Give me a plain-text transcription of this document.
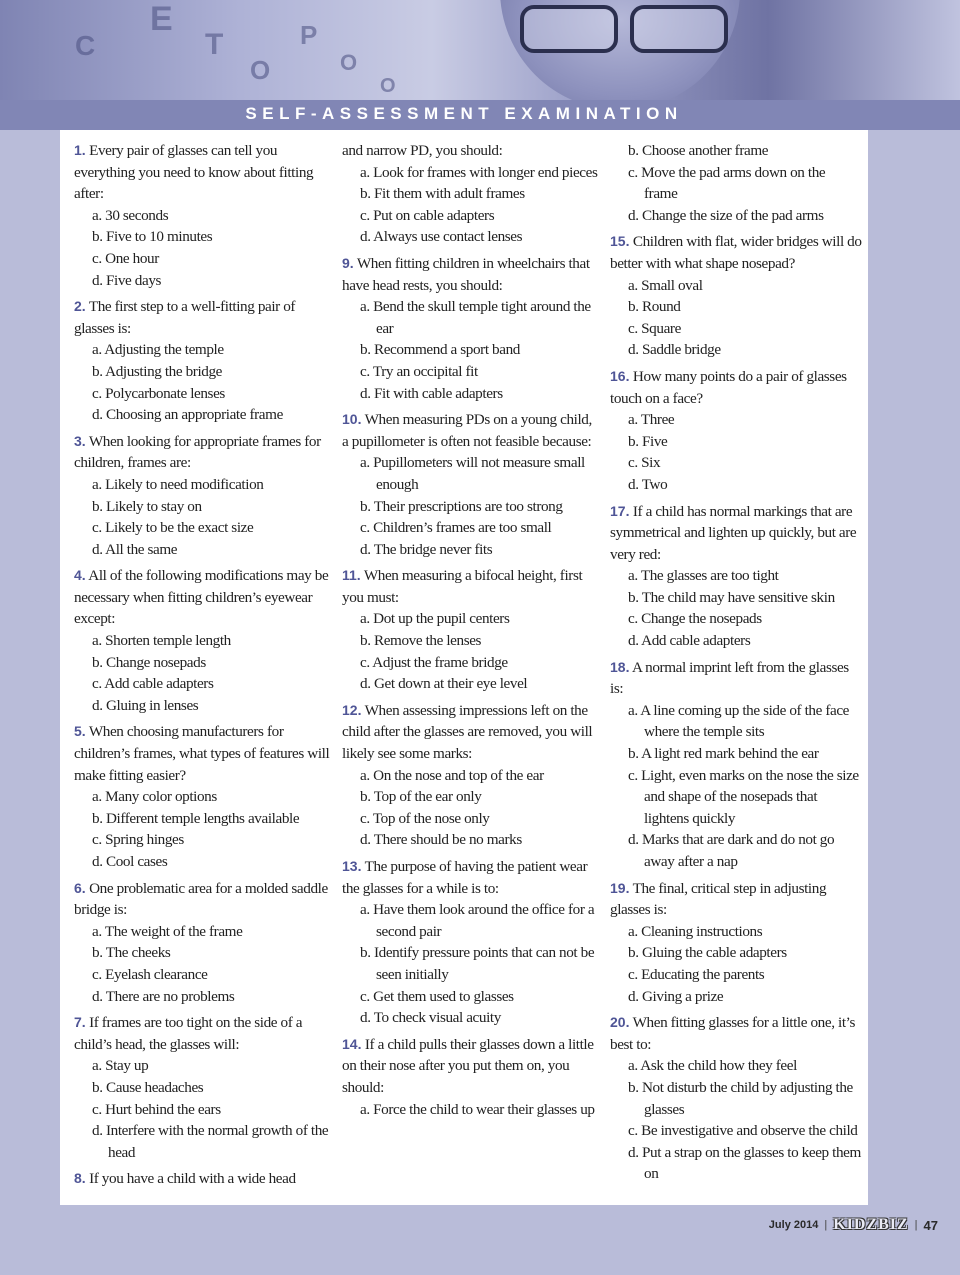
E
T
O
P
O
O
C
SELF-ASSESSMENT EXAMINATION

1. Every pair of glasses can tell you everything you need to know about fitting after:

a. 30 seconds

b. Five to 10 minutes

c. One hour

d. Five days

2. The first step to a well-fitting pair of glasses is:

a. Adjusting the temple

b. Adjusting the bridge

c. Polycarbonate lenses

d. Choosing an appropriate frame

3. When looking for appropriate frames for children, frames are:

a. Likely to need modification

b. Likely to stay on

c. Likely to be the exact size

d. All the same

4. All of the following modifications may be necessary when fitting children’s eyewear except:

a. Shorten temple length

b. Change nosepads

c. Add cable adapters

d. Gluing in lenses

5. When choosing manufacturers for children’s frames, what types of features will make fitting easier?

a. Many color options

b. Different temple lengths available

c. Spring hinges

d. Cool cases

6. One problematic area for a molded saddle bridge is:

a. The weight of the frame

b. The cheeks

c. Eyelash clearance

d. There are no problems

7. If frames are too tight on the side of a child’s head, the glasses will:

a. Stay up

b. Cause headaches

c. Hurt behind the ears

d. Interfere with the normal growth of the head

8. If you have a child with a wide head

and narrow PD, you should:

a. Look for frames with longer end pieces

b. Fit them with adult frames

c. Put on cable adapters

d. Always use contact lenses

9. When fitting children in wheelchairs that have head rests, you should:

a. Bend the skull temple tight around the ear

b. Recommend a sport band

c. Try an occipital fit

d. Fit with cable adapters

10. When measuring PDs on a young child, a pupillometer is often not feasible because:

a. Pupillometers will not measure small enough

b. Their prescriptions are too strong

c. Children’s frames are too small

d. The bridge never fits

11. When measuring a bifocal height, first you must:

a. Dot up the pupil centers

b. Remove the lenses

c. Adjust the frame bridge

d. Get down at their eye level

12. When assessing impressions left on the child after the glasses are removed, you will likely see some marks:

a. On the nose and top of the ear

b. Top of the ear only

c. Top of the nose only

d. There should be no marks

13. The purpose of having the patient wear the glasses for a while is to:

a. Have them look around the office for a second pair

b. Identify pressure points that can not be seen initially

c. Get them used to glasses

d. To check visual acuity

14. If a child pulls their glasses down a little on their nose after you put them on, you should:

a. Force the child to wear their glasses up

b. Choose another frame

c. Move the pad arms down on the frame

d. Change the size of the pad arms

15. Children with flat, wider bridges will do better with what shape nosepad?

a. Small oval

b. Round

c. Square

d. Saddle bridge

16. How many points do a pair of glasses touch on a face?

a. Three

b. Five

c. Six

d. Two

17. If a child has normal markings that are symmetrical and lighten up quickly, but are very red:

a. The glasses are too tight

b. The child may have sensitive skin

c. Change the nosepads

d. Add cable adapters

18. A normal imprint left from the glasses is:

a. A line coming up the side of the face where the temple sits

b. A light red mark behind the ear

c. Light, even marks on the nose the size and shape of the nosepads that lightens quickly

d. Marks that are dark and do not go away after a nap

19. The final, critical step in adjusting glasses is:

a. Cleaning instructions

b. Gluing the cable adapters

c. Educating the parents

d. Giving a prize

20. When fitting glasses for a little one, it’s best to:

a. Ask the child how they feel

b. Not disturb the child by adjusting the glasses

c. Be investigative and observe the child

d. Put a strap on the glasses to keep them on

July 2014 | KIDZBIZ | 47
